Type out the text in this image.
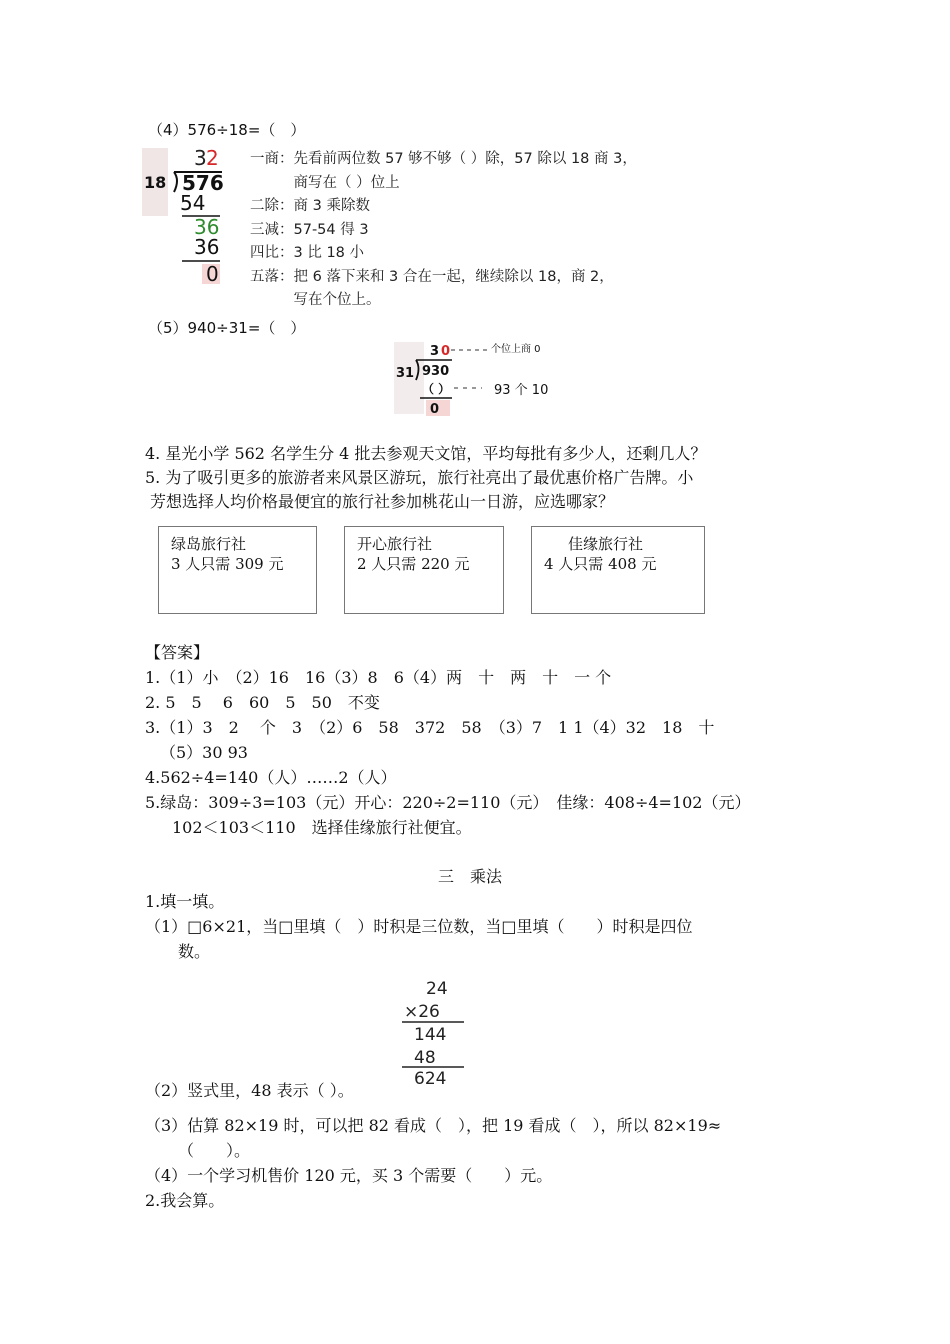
（4）576÷18=（　）
3 2
18 576
54
36
36
0
一商：先看前两位数 57 够不够（ ）除，57 除以 18 商 3，
　　　商写在（ ）位上
二除：商 3 乘除数
三减：57-54 得 3
四比：3 比 18 小
五落：把 6 落下来和 3 合在一起，继续除以 18，商 2，
　　　写在个位上。
（5）940÷31=（　）
3 0	个位上商 0
31 930
（ ）	93 个 10
0
4. 星光小学 562 名学生分 4 批去参观天文馆，平均每批有多少人，还剩几人？
5. 为了吸引更多的旅游者来风景区游玩，旅行社亮出了最优惠价格广告牌。小
芳想选择人均价格最便宜的旅行社参加桃花山一日游，应选哪家？
绿岛旅行社
3 人只需 309 元
开心旅行社
2 人只需 220 元
佳缘旅行社
4 人只需 408 元
【答案】
1.（1）小　（2）16　16（3）8　6（4）两　十　两　十　一 个
2. 5　5　 6　60　5　50　不变
3.（1）3　2　 个　3　（2）6　58　372　58　（3）7　1 1（4）32　18　十
（5）30 93
4.562÷4=140（人）……2（人）
5.绿岛：309÷3=103（元）开心：220÷2=110（元）　佳缘：408÷4=102（元）
102＜103＜110　选择佳缘旅行社便宜。
三　乘法
1.填一填。
（1）□6×21，当□里填（　）时积是三位数，当□里填（　　）时积是四位
数。
24
×26
144
48
624
（2）竖式里，48 表示（ ）。
（3）估算 82×19 时，可以把 82 看成（　），把 19 看成（　），所以 82×19≈
（　　）。
（4）一个学习机售价 120 元，买 3 个需要（　　）元。
2.我会算。
